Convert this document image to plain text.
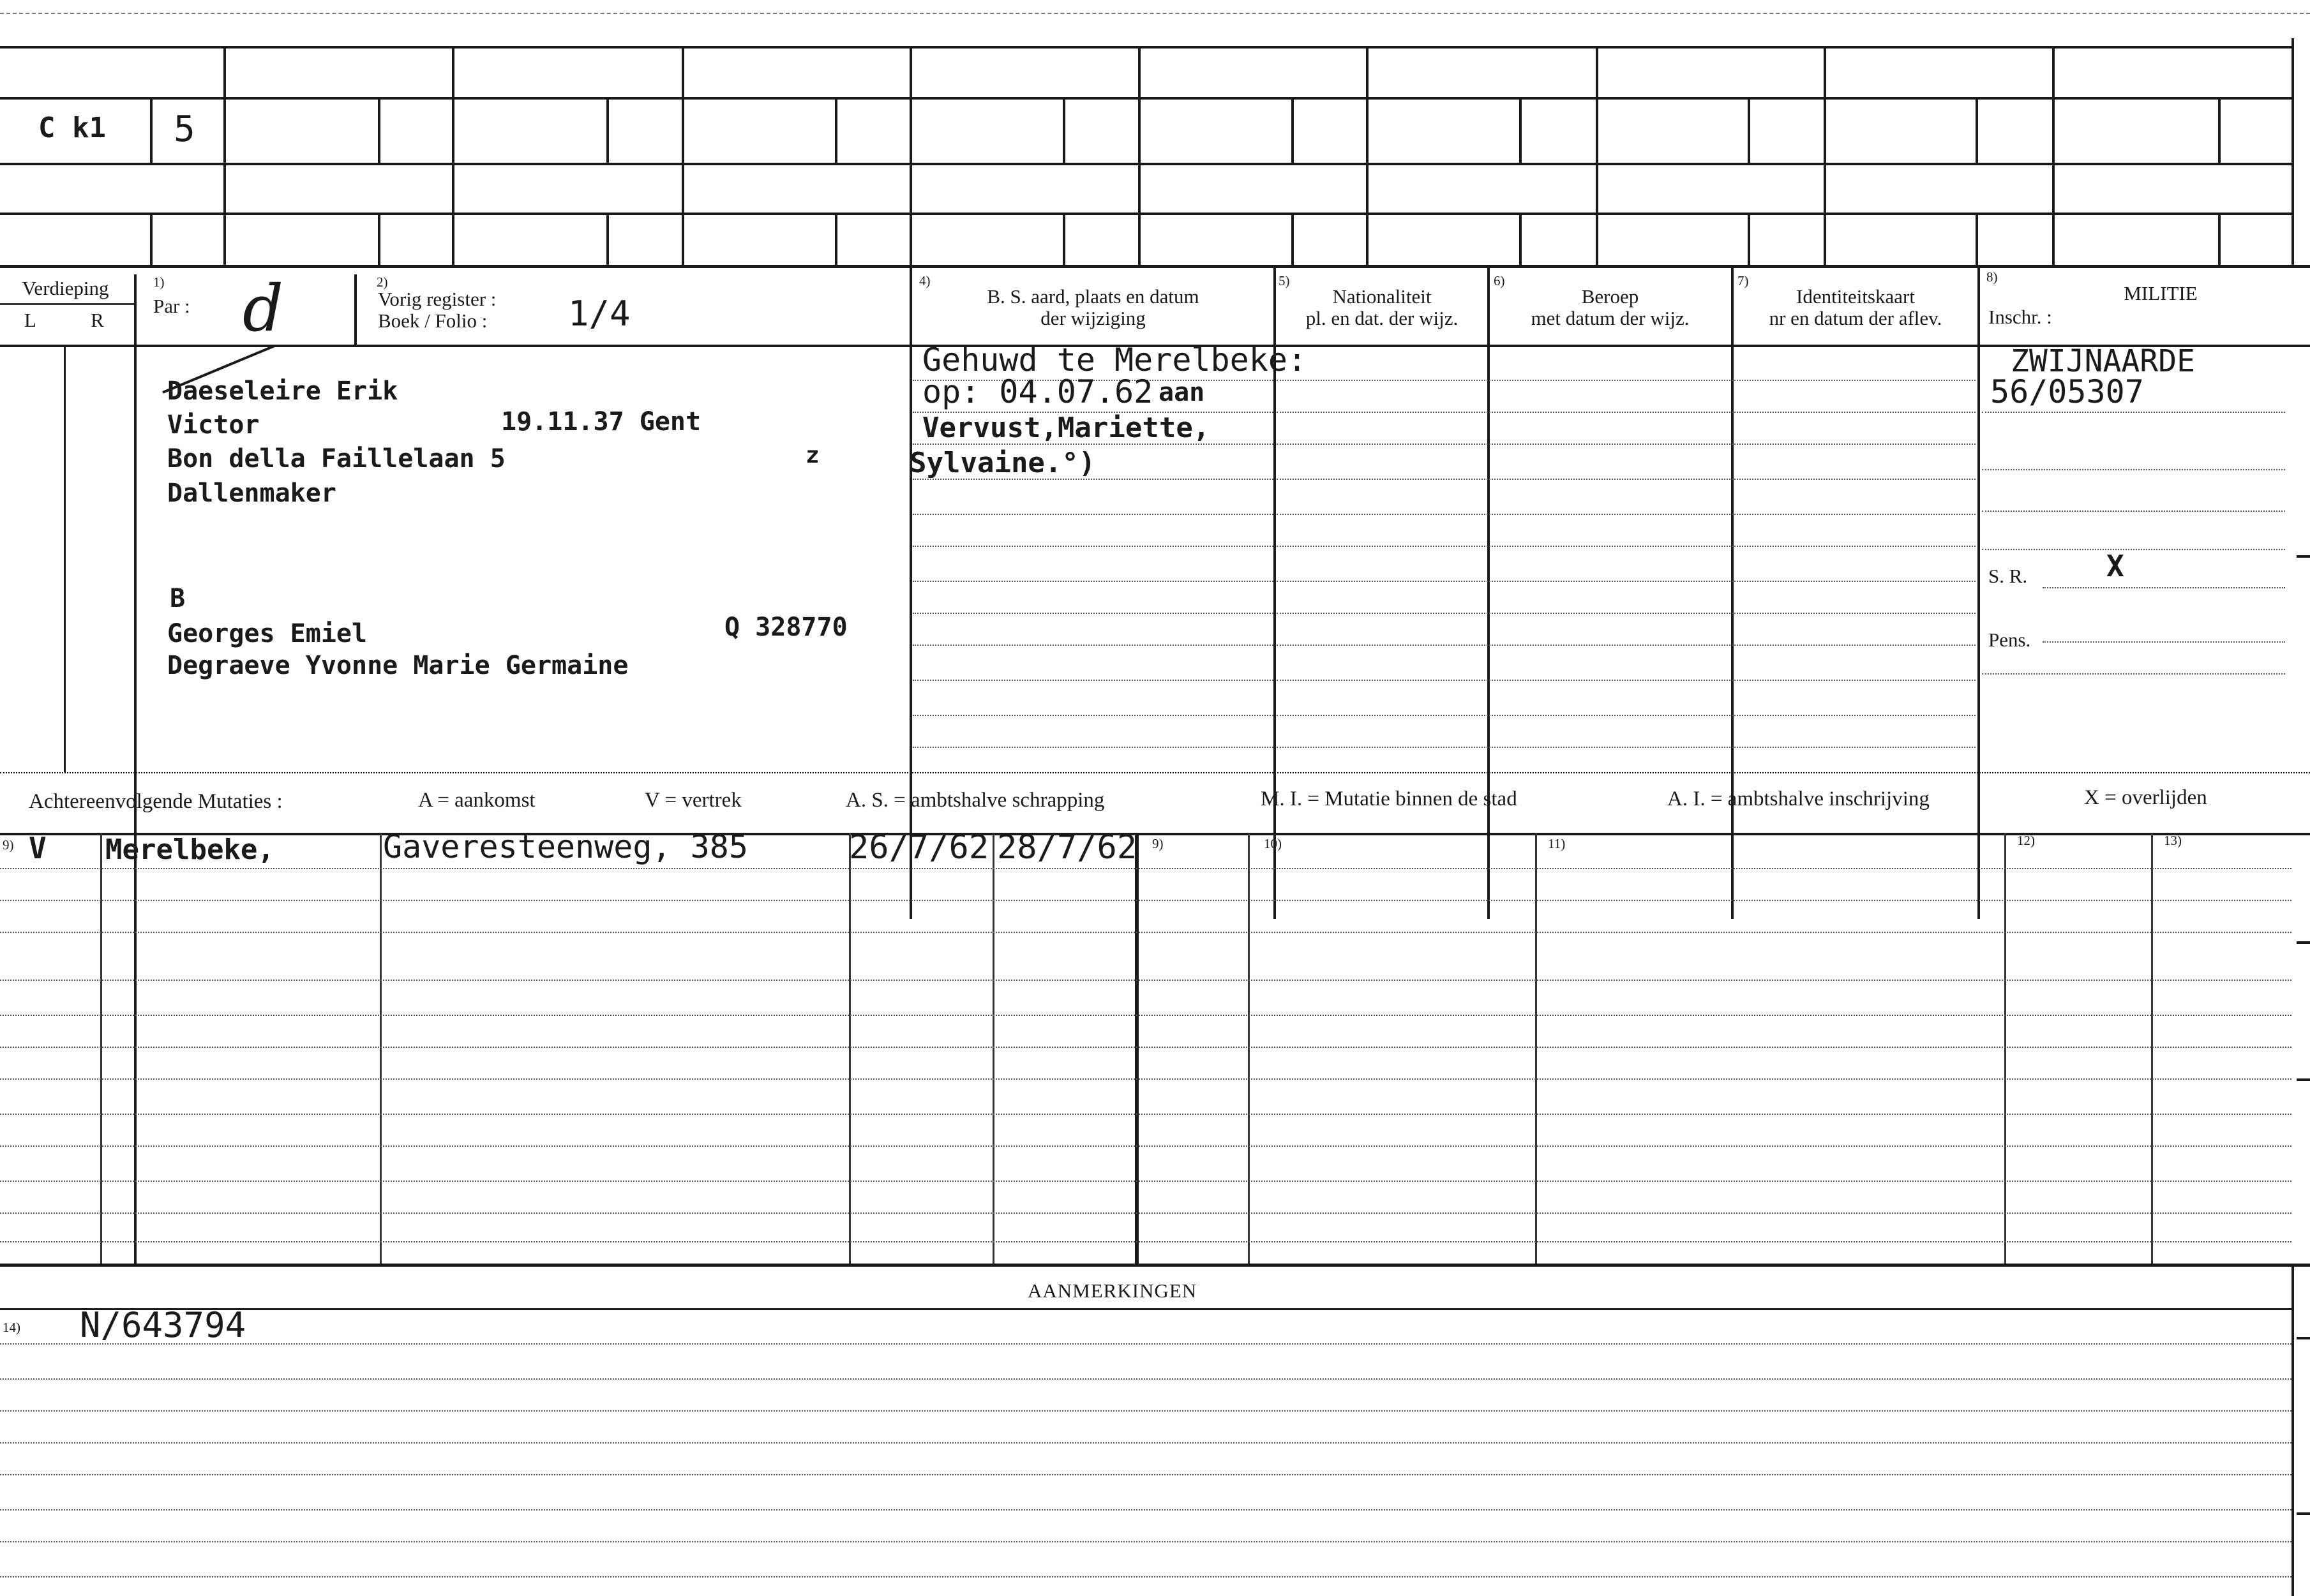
C k1 5
Verdieping
L	R
1)
Par : d	2)
Vorig register :
Boek / Folio : 1/4
4)
B. S. aard, plaats en datum
der wijziging
5)
Nationaliteit
pl. en dat. der wijz.
6)
Beroep
met datum der wijz.
7)
Identiteitskaart
nr en datum der aflev.
8)
MILITIE
Inschr. :
Daeseleire Erik
Victor	19.11.37 Gent
Bon della Faillelaan 5	z
Dallenmaker
B
Georges Emiel	Q 328770
Degraeve Yvonne Marie Germaine
Gehuwd te Merelbeke:
op: 04.07.62 aan
Vervust,Mariette,
Sylvaine.°)
ZWIJNAARDE
56/05307
S. R.	X
Pens.
Achtereenvolgende Mutaties :	A = aankomst	V = vertrek	A. S. = ambtshalve schrapping	M. I. = Mutatie binnen de stad	A. I. = ambtshalve inschrijving	X = overlijden
9) V Merelbeke,	Gaveresteenweg, 385	26/7/62 28/7/62 9)	10)	11)	12)	13)
AANMERKINGEN
14) N/643794
